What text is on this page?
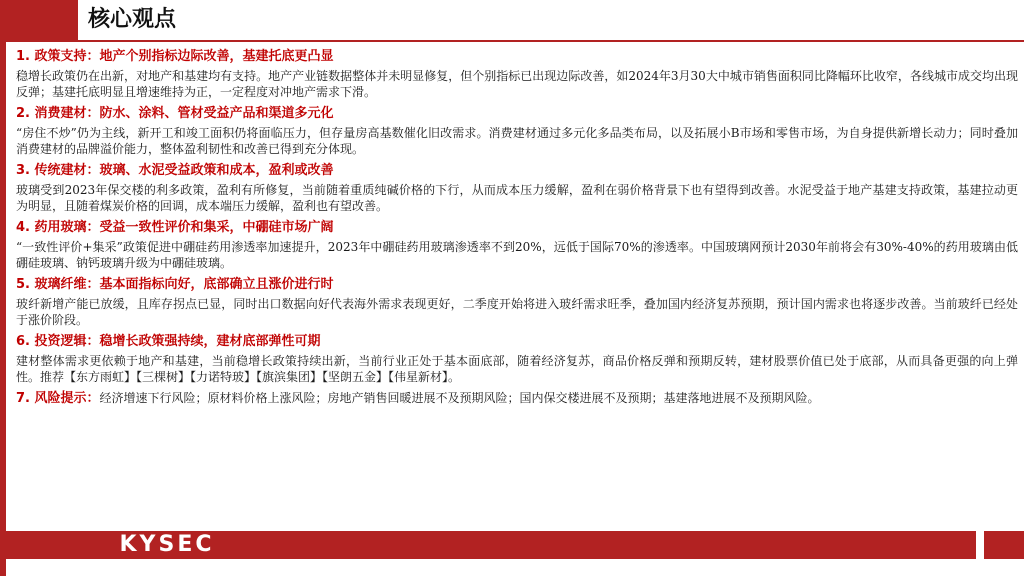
核心观点
1. 政策支持：地产个别指标边际改善，基建托底更凸显
稳增长政策仍在出新，对地产和基建均有支持。地产产业链数据整体并未明显修复，但个别指标已出现边际改善，如2024年3月30大中城市销售面积同比降幅环比收窄，各线城市成交均出现反弹；基建托底明显且增速维持为正，一定程度对冲地产需求下滑。
2. 消费建材：防水、涂料、管材受益产品和渠道多元化
“房住不炒”仍为主线，新开工和竣工面积仍将面临压力，但存量房高基数催化旧改需求。消费建材通过多元化多品类布局，以及拓展小B市场和零售市场，为自身提供新增长动力；同时叠加消费建材的品牌溢价能力，整体盈利韧性和改善已得到充分体现。
3. 传统建材：玻璃、水泥受益政策和成本，盈利或改善
玻璃受到2023年保交楼的利多政策，盈利有所修复，当前随着重质纯碱价格的下行，从而成本压力缓解，盈利在弱价格背景下也有望得到改善。水泥受益于地产基建支持政策，基建拉动更为明显，且随着煤炭价格的回调，成本端压力缓解，盈利也有望改善。
4. 药用玻璃：受益一致性评价和集采，中硼硅市场广阔
“一致性评价+集采”政策促进中硼硅药用渗透率加速提升，2023年中硼硅药用玻璃渗透率不到20%，远低于国际70%的渗透率。中国玻璃网预计2030年前将会有30%-40%的药用玻璃由低硼硅玻璃、钠钙玻璃升级为中硼硅玻璃。
5. 玻璃纤维：基本面指标向好，底部确立且涨价进行时
玻纤新增产能已放缓，且库存拐点已显，同时出口数据向好代表海外需求表现更好，二季度开始将进入玻纤需求旺季，叠加国内经济复苏预期，预计国内需求也将逐步改善。当前玻纤已经处于涨价阶段。
6. 投资逻辑：稳增长政策强持续，建材底部弹性可期
建材整体需求更依赖于地产和基建，当前稳增长政策持续出新，当前行业正处于基本面底部，随着经济复苏，商品价格反弹和预期反转，建材股票价值已处于底部，从而具备更强的向上弹性。推荐【东方雨虹】【三棵树】【力诺特玻】【旗滨集团】【坚朗五金】【伟星新材】。
7. 风险提示：经济增速下行风险；原材料价格上涨风险；房地产销售回暖进展不及预期风险；国内保交楼进展不及预期；基建落地进展不及预期风险。
KYSEC
